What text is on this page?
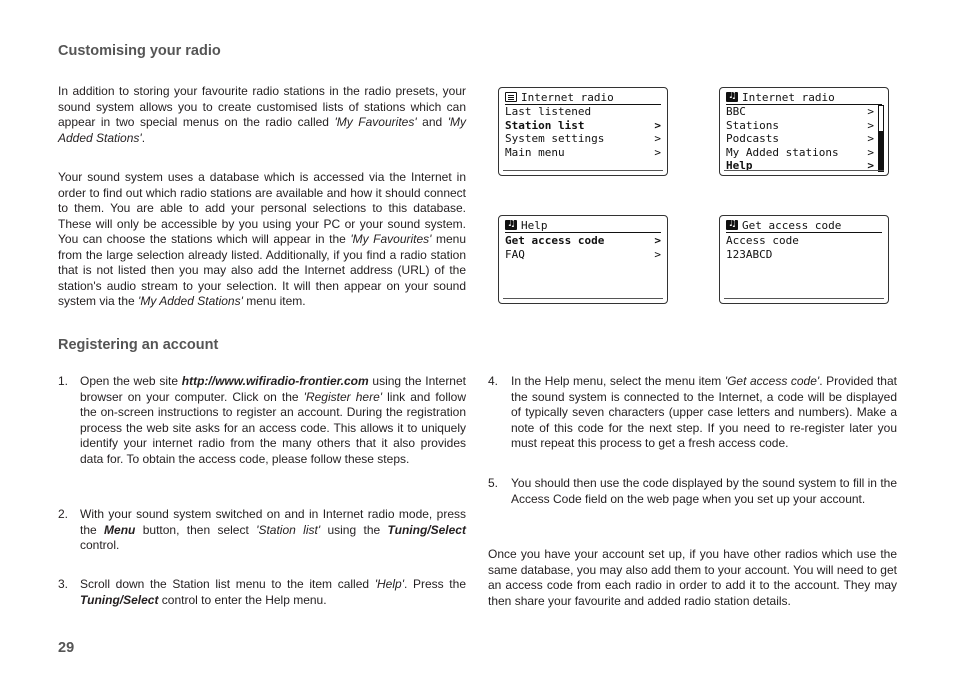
Customising your radio
In addition to storing your favourite radio stations in the radio presets, your sound system allows you to create customised lists of stations which can appear in two special menus on the radio called 'My Favourites' and 'My Added Stations'.
Your sound system uses a database which is accessed via the Internet in order to find out which radio stations are available and how it should connect to them. You are able to add your personal selections to this database. These will only be accessible by you using your PC or your sound system. You can choose the stations which will appear in the 'My Favourites' menu from the large selection already listed. Additionally, if you find a radio station that is not listed then you may also add the Internet address (URL) of the station's audio stream to your selection. It will then appear on your sound system via the 'My Added Stations' menu item.
Registering an account
1. Open the web site http://www.wifiradio-frontier.com using the Internet browser on your computer. Click on the 'Register here' link and follow the on-screen instructions to register an account. During the registration process the web site asks for an access code. This allows it to uniquely identify your internet radio from the many others that it also provides data for. To obtain the access code, please follow these steps.
2. With your sound system switched on and in Internet radio mode, press the Menu button, then select 'Station list' using the Tuning/Select control.
3. Scroll down the Station list menu to the item called 'Help'. Press the Tuning/Select control to enter the Help menu.
4. In the Help menu, select the menu item 'Get access code'. Provided that the sound system is connected to the Internet, a code will be displayed of typically seven characters (upper case letters and numbers). Make a note of this code for the next step. If you need to re-register later you must repeat this process to get a fresh access code.
5. You should then use the code displayed by the sound system to fill in the Access Code field on the web page when you set up your account.
Once you have your account set up, if you have other radios which use the same database, you may also add them to your account. You will need to get an access code from each radio in order to add it to the account. They may then share your favourite and added radio station details.
29
Internet radio
Last listened
Station list	>
System settings	>
Main menu	>
♫
Internet radio
BBC	>
Stations	>
Podcasts	>
My Added stations	>
Help	>
♫
Help
Get access code	>
FAQ	>
♫
Get access code
Access code
123ABCD
